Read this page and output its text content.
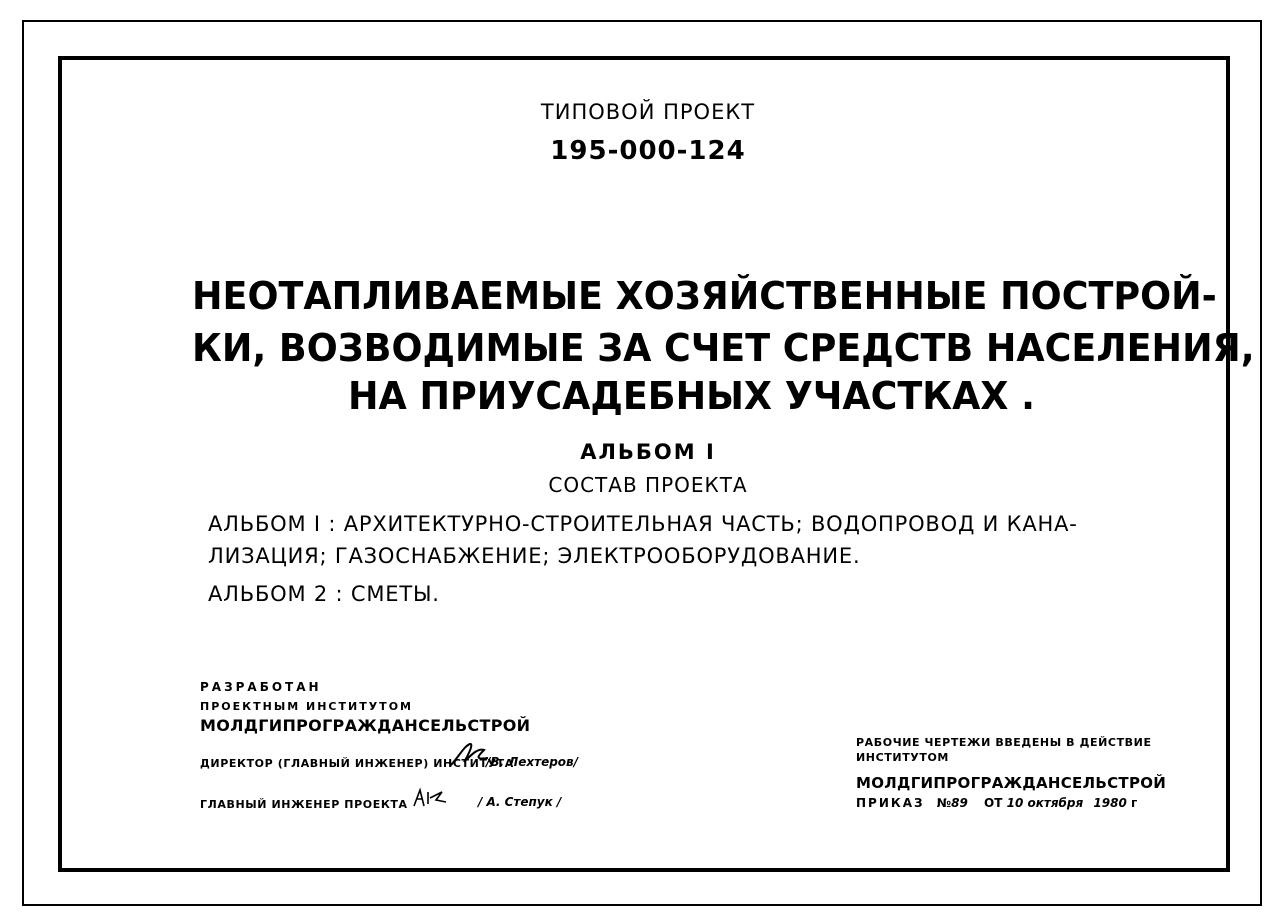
ТИПОВОЙ ПРОЕКТ
195-000-124
НЕОТАПЛИВАЕМЫЕ ХОЗЯЙСТВЕННЫЕ ПОСТРОЙ-
КИ, ВОЗВОДИМЫЕ ЗА СЧЕТ СРЕДСТВ НАСЕЛЕНИЯ,
НА ПРИУСАДЕБНЫХ УЧАСТКАХ .
АЛЬБОМ I
СОСТАВ ПРОЕКТА
АЛЬБОМ I : АРХИТЕКТУРНО-СТРОИТЕЛЬНАЯ ЧАСТЬ; ВОДОПРОВОД И КАНА-
ЛИЗАЦИЯ; ГАЗОСНАБЖЕНИЕ; ЭЛЕКТРООБОРУДОВАНИЕ.
АЛЬБОМ 2 : СМЕТЫ.
РАЗРАБОТАН
ПРОЕКТНЫМ ИНСТИТУТОМ
МОЛДГИПРОГРАЖДАНСЕЛЬСТРОЙ
ДИРЕКТОР (ГЛАВНЫЙ ИНЖЕНЕР) ИНСТИТУТА
/В. Лехтеров/
ГЛАВНЫЙ ИНЖЕНЕР ПРОЕКТА	/ А. Степук /
РАБОЧИЕ ЧЕРТЕЖИ ВВЕДЕНЫ В ДЕЙСТВИЕ
ИНСТИТУТОМ
МОЛДГИПРОГРАЖДАНСЕЛЬСТРОЙ
ПРИКАЗ №89 ОТ 10 октября 1980 г
